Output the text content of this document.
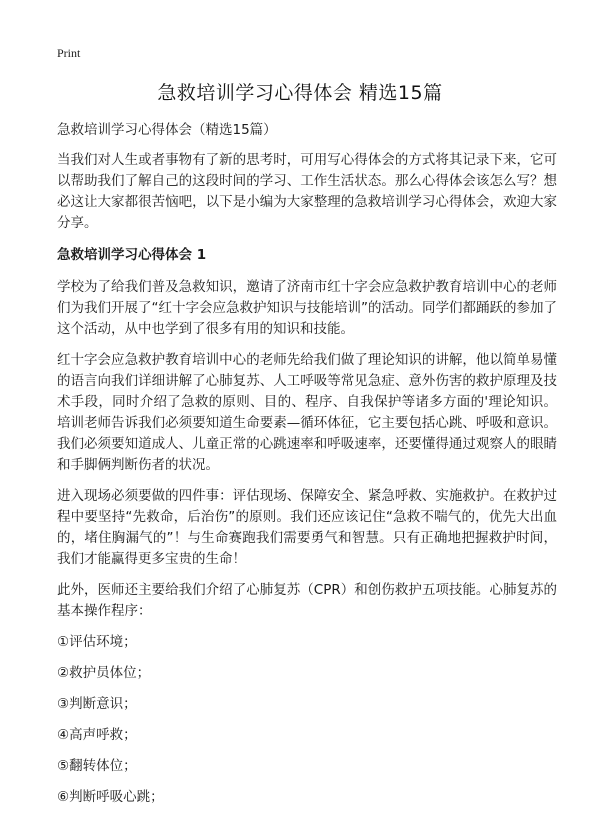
Print
急救培训学习心得体会 精选15篇

急救培训学习心得体会（精选15篇）

当我们对人生或者事物有了新的思考时，可用写心得体会的方式将其记录下来，它可以帮助我们了解自己的这段时间的学习、工作生活状态。那么心得体会该怎么写？想必这让大家都很苦恼吧，以下是小编为大家整理的急救培训学习心得体会，欢迎大家分享。

急救培训学习心得体会 1

学校为了给我们普及急救知识，邀请了济南市红十字会应急救护教育培训中心的老师们为我们开展了“红十字会应急救护知识与技能培训”的活动。同学们都踊跃的参加了这个活动，从中也学到了很多有用的知识和技能。

红十字会应急救护教育培训中心的老师先给我们做了理论知识的讲解，他以简单易懂的语言向我们详细讲解了心肺复苏、人工呼吸等常见急症、意外伤害的救护原理及技术手段，同时介绍了急救的原则、目的、程序、自我保护等诸多方面的'理论知识。培训老师告诉我们必须要知道生命要素—循环体征，它主要包括心跳、呼吸和意识。我们必须要知道成人、儿童正常的心跳速率和呼吸速率，还要懂得通过观察人的眼睛和手脚俩判断伤者的状况。

进入现场必须要做的四件事：评估现场、保障安全、紧急呼救、实施救护。在救护过程中要坚持“先救命，后治伤”的原则。我们还应该记住“急救不喘气的，优先大出血的，堵住胸漏气的”！与生命赛跑我们需要勇气和智慧。只有正确地把握救护时间，我们才能赢得更多宝贵的生命！

此外，医师还主要给我们介绍了心肺复苏（CPR）和创伤救护五项技能。心肺复苏的基本操作程序：

①评估环境；
②救护员体位；
③判断意识；
④高声呼救；
⑤翻转体位；
⑥判断呼吸心跳；
